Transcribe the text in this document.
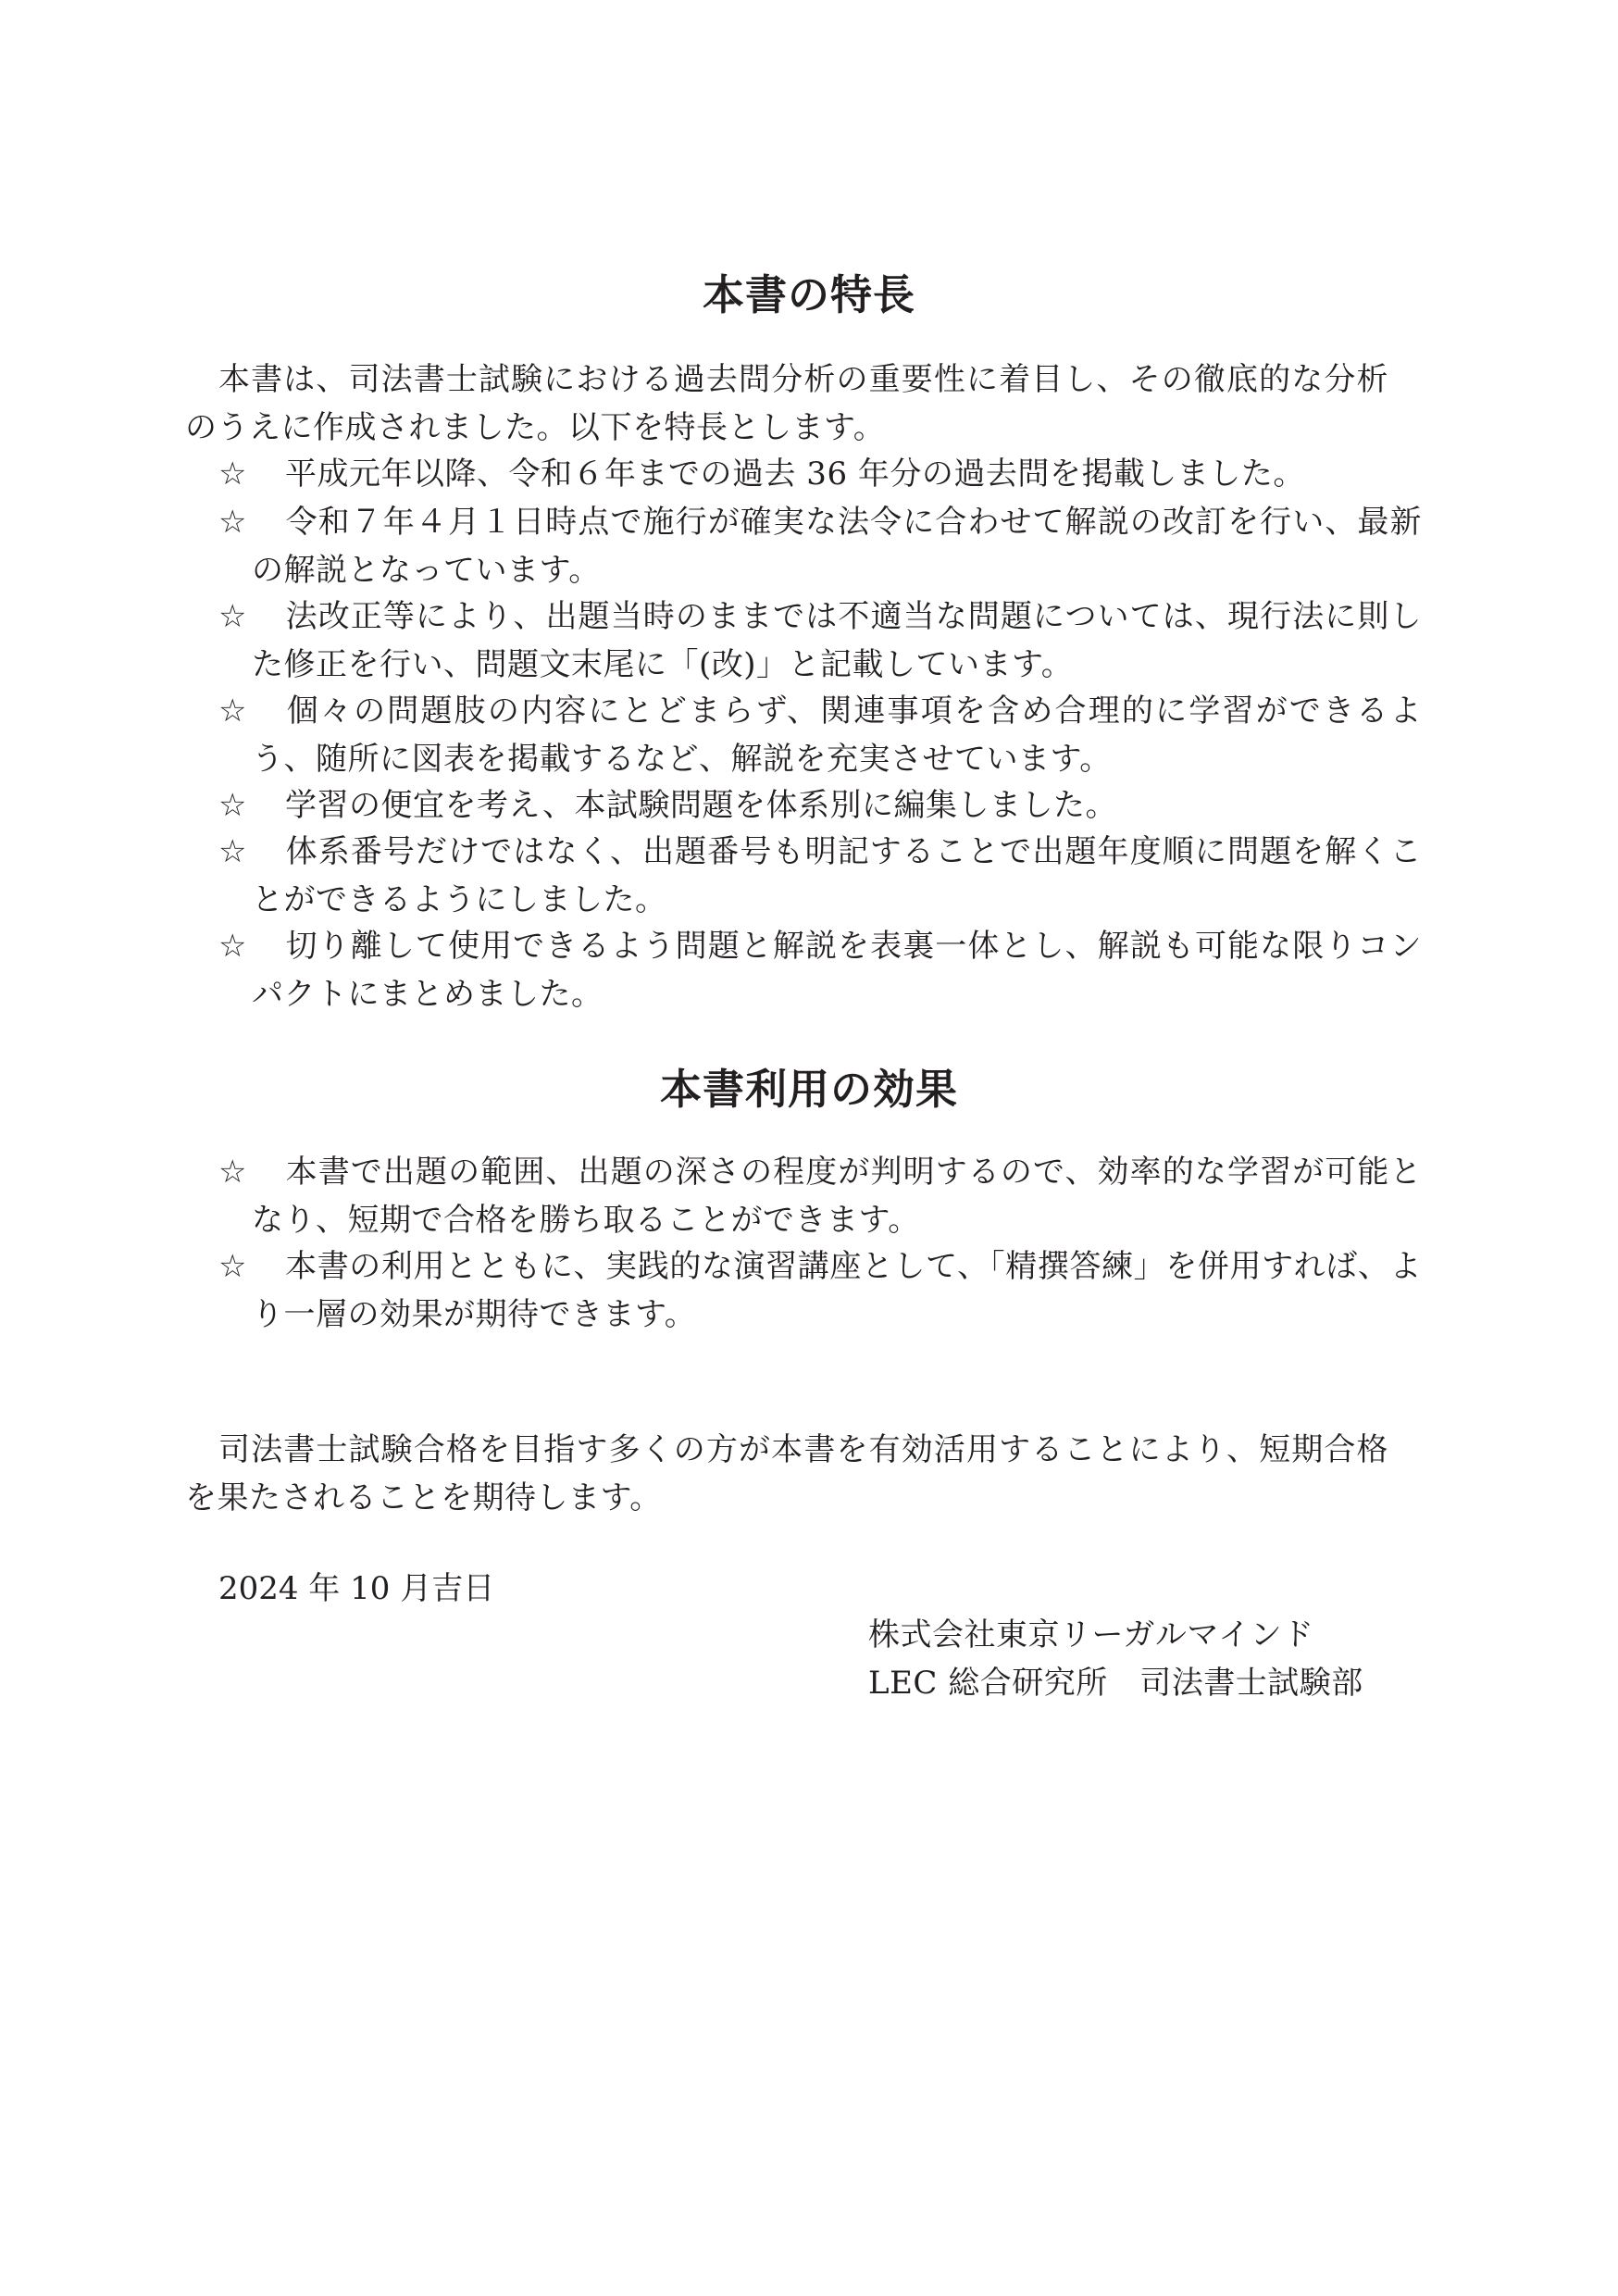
本書の特長

本書は、司法書士試験における過去問分析の重要性に着目し、その徹底的な分析のうえに作成されました。以下を特長とします。

☆ 平成元年以降、令和６年までの過去 36 年分の過去問を掲載しました。

☆ 令和７年４月１日時点で施行が確実な法令に合わせて解説の改訂を行い、最新の解説となっています。

☆ 法改正等により、出題当時のままでは不適当な問題については、現行法に則した修正を行い、問題文末尾に「(改)」と記載しています。

☆ 個々の問題肢の内容にとどまらず、関連事項を含め合理的に学習ができるよう、随所に図表を掲載するなど、解説を充実させています。

☆ 学習の便宜を考え、本試験問題を体系別に編集しました。

☆ 体系番号だけではなく、出題番号も明記することで出題年度順に問題を解くことができるようにしました。

☆ 切り離して使用できるよう問題と解説を表裏一体とし、解説も可能な限りコンパクトにまとめました。

本書利用の効果

☆ 本書で出題の範囲、出題の深さの程度が判明するので、効率的な学習が可能となり、短期で合格を勝ち取ることができます。

☆ 本書の利用とともに、実践的な演習講座として、「精撰答練」を併用すれば、より一層の効果が期待できます。

司法書士試験合格を目指す多くの方が本書を有効活用することにより、短期合格を果たされることを期待します。

2024 年 10 月吉日

株式会社東京リーガルマインド

LEC 総合研究所　司法書士試験部
